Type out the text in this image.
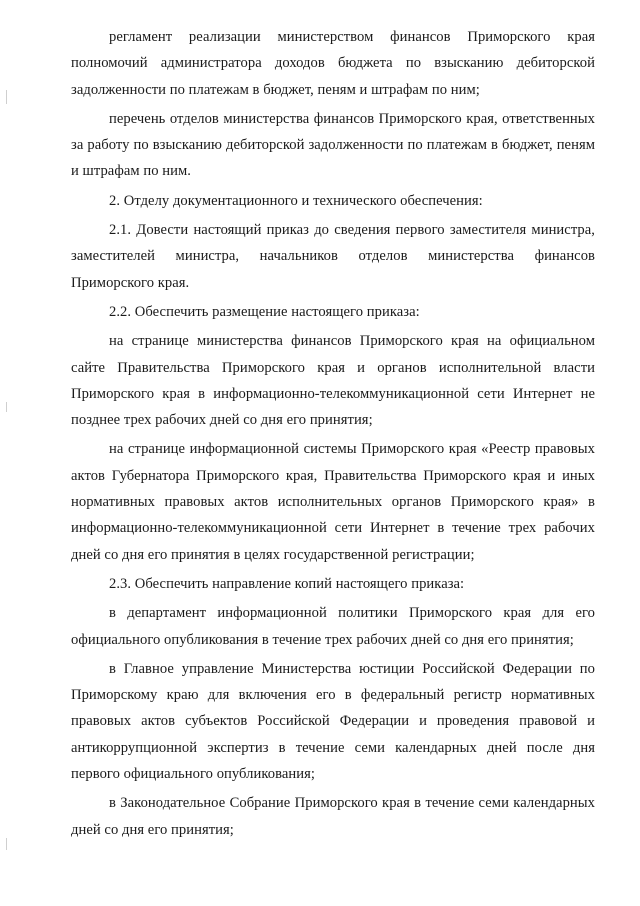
регламент реализации министерством финансов Приморского края полномочий администратора доходов бюджета по взысканию дебиторской задолженности по платежам в бюджет, пеням и штрафам по ним;

перечень отделов министерства финансов Приморского края, ответственных за работу по взысканию дебиторской задолженности по платежам в бюджет, пеням и штрафам по ним.

2. Отделу документационного и технического обеспечения:

2.1. Довести настоящий приказ до сведения первого заместителя министра, заместителей министра, начальников отделов министерства финансов Приморского края.

2.2. Обеспечить размещение настоящего приказа:

на странице министерства финансов Приморского края на официальном сайте Правительства Приморского края и органов исполнительной власти Приморского края в информационно-телекоммуникационной сети Интернет не позднее трех рабочих дней со дня его принятия;

на странице информационной системы Приморского края «Реестр правовых актов Губернатора Приморского края, Правительства Приморского края и иных нормативных правовых актов исполнительных органов Приморского края» в информационно-телекоммуникационной сети Интернет в течение трех рабочих дней со дня его принятия в целях государственной регистрации;

2.3. Обеспечить направление копий настоящего приказа:

в департамент информационной политики Приморского края для его официального опубликования в течение трех рабочих дней со дня его принятия;

в Главное управление Министерства юстиции Российской Федерации по Приморскому краю для включения его в федеральный регистр нормативных правовых актов субъектов Российской Федерации и проведения правовой и антикоррупционной экспертиз в течение семи календарных дней после дня первого официального опубликования;

в Законодательное Собрание Приморского края в течение семи календарных дней со дня его принятия;
